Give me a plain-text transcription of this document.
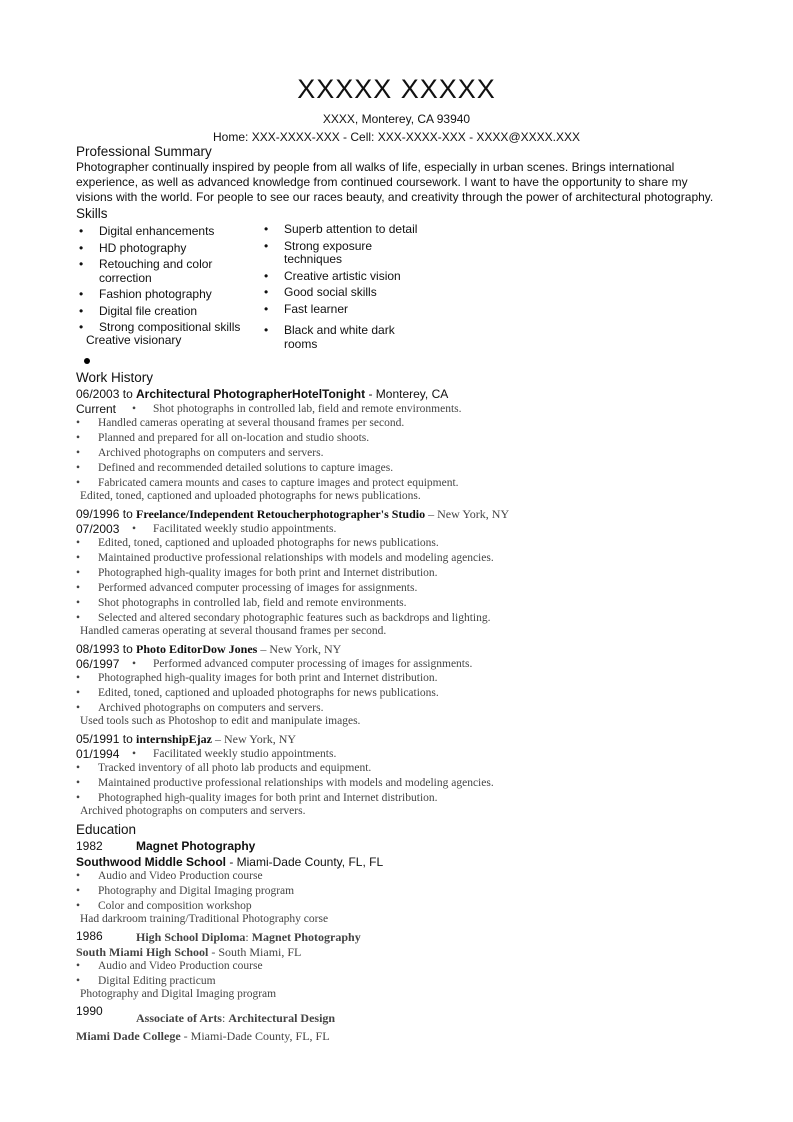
XXXXX XXXXX
XXXX, Monterey, CA 93940
Home: XXX-XXXX-XXX - Cell: XXX-XXXX-XXX - XXXX@XXXX.XXX
Professional Summary
Photographer continually inspired by people from all walks of life, especially in urban scenes. Brings international experience, as well as advanced knowledge from continued coursework. I want to have the opportunity to share my visions with the world. For people to see our races beauty, and creativity through the power of architectural photography.
Skills
• Digital enhancements
• HD photography
• Retouching and color correction
• Fashion photography
• Digital file creation
• Strong compositional skills
Creative visionary
• Superb attention to detail
• Strong exposure techniques
• Creative artistic vision
• Good social skills
• Fast learner
• Black and white dark rooms
Work History
06/2003 to Architectural PhotographerHotelTonight - Monterey, CA
Current • Shot photographs in controlled lab, field and remote environments.
• Handled cameras operating at several thousand frames per second.
• Planned and prepared for all on-location and studio shoots.
• Archived photographs on computers and servers.
• Defined and recommended detailed solutions to capture images.
• Fabricated camera mounts and cases to capture images and protect equipment.
Edited, toned, captioned and uploaded photographs for news publications.
09/1996 to Freelance/Independent Retoucherphotographer's Studio – New York, NY
07/2003 • Facilitated weekly studio appointments.
• Edited, toned, captioned and uploaded photographs for news publications.
• Maintained productive professional relationships with models and modeling agencies.
• Photographed high-quality images for both print and Internet distribution.
• Performed advanced computer processing of images for assignments.
• Shot photographs in controlled lab, field and remote environments.
• Selected and altered secondary photographic features such as backdrops and lighting.
Handled cameras operating at several thousand frames per second.
08/1993 to Photo EditorDow Jones – New York, NY
06/1997 • Performed advanced computer processing of images for assignments.
• Photographed high-quality images for both print and Internet distribution.
• Edited, toned, captioned and uploaded photographs for news publications.
• Archived photographs on computers and servers.
Used tools such as Photoshop to edit and manipulate images.
05/1991 to internshipEjaz – New York, NY
01/1994 • Facilitated weekly studio appointments.
• Tracked inventory of all photo lab products and equipment.
• Maintained productive professional relationships with models and modeling agencies.
• Photographed high-quality images for both print and Internet distribution.
Archived photographs on computers and servers.
Education
1982	Magnet Photography
Southwood Middle School - Miami-Dade County, FL, FL
• Audio and Video Production course
• Photography and Digital Imaging program
• Color and composition workshop
Had darkroom training/Traditional Photography corse
1986	High School Diploma: Magnet Photography
South Miami High School - South Miami, FL
• Audio and Video Production course
• Digital Editing practicum
Photography and Digital Imaging program
1990	Associate of Arts: Architectural Design
Miami Dade College - Miami-Dade County, FL, FL
